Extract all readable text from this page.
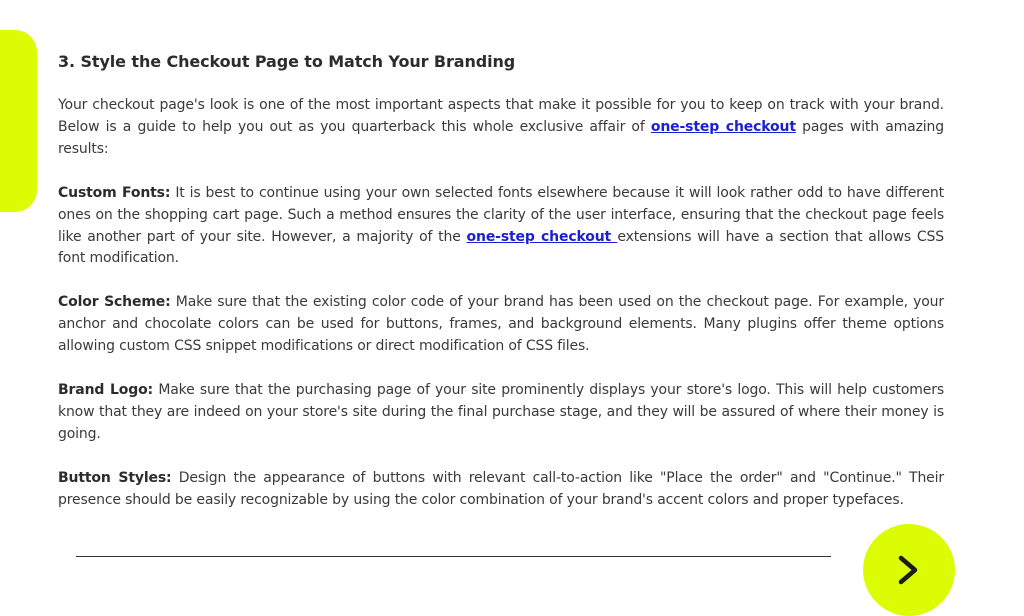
3. Style the Checkout Page to Match Your Branding

Your checkout page's look is one of the most important aspects that make it possible for you to keep on track with your brand. Below is a guide to help you out as you quarterback this whole exclusive affair of one-step checkout pages with amazing results:

Custom Fonts: It is best to continue using your own selected fonts elsewhere because it will look rather odd to have different ones on the shopping cart page. Such a method ensures the clarity of the user interface, ensuring that the checkout page feels like another part of your site. However, a majority of the one-step checkout extensions will have a section that allows CSS font modification.

Color Scheme: Make sure that the existing color code of your brand has been used on the checkout page. For example, your anchor and chocolate colors can be used for buttons, frames, and background elements. Many plugins offer theme options allowing custom CSS snippet modifications or direct modification of CSS files.

Brand Logo: Make sure that the purchasing page of your site prominently displays your store's logo. This will help customers know that they are indeed on your store's site during the final purchase stage, and they will be assured of where their money is going.

Button Styles: Design the appearance of buttons with relevant call-to-action like "Place the order" and "Continue." Their presence should be easily recognizable by using the color combination of your brand's accent colors and proper typefaces.
